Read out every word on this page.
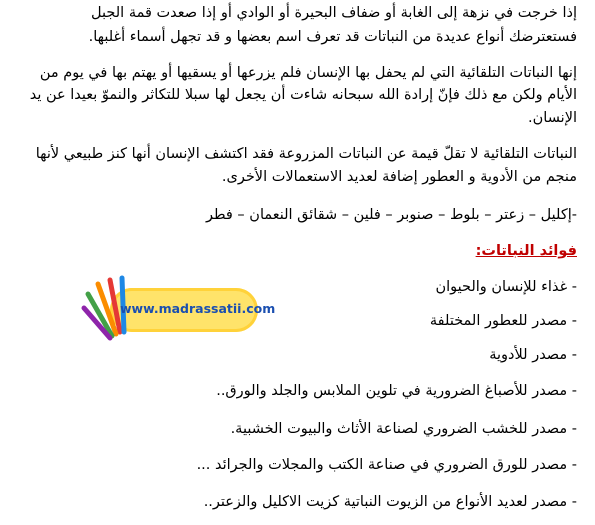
إذا خرجت في نزهة إلى الغابة أو ضفاف البحيرة أو الوادي أو إذا صعدت قمة الجبل
فستعترضك أنواع عديدة من النباتات قد تعرف اسم بعضها و قد تجهل أسماء أغلبها.
إنها النباتات التلقائية التي لم يحفل بها الإنسان فلم يزرعها أو يسقيها أو يهتم بها في يوم من
الأيام ولكن مع ذلك فإنّ إرادة الله سبحانه شاءت أن يجعل لها سبلا للتكاثر والنموّ بعيدا عن يد
الإنسان.
النباتات التلقائية لا تقلّ قيمة عن النباتات المزروعة فقد اكتشف الإنسان أنها كنز طبيعي لأنها
منجم من الأدوية و العطور إضافة لعديد الاستعمالات الأخرى.
-إكليل – زعتر – بلوط – صنوبر – فلين – شقائق النعمان – فطر
فوائد النباتات:
- غذاء للإنسان والحيوان
- مصدر للعطور المختلفة
- مصدر للأدوية
- مصدر للأصباغ الضرورية في تلوين الملابس والجلد والورق..
- مصدر للخشب الضروري لصناعة الأثاث والبيوت الخشبية.
- مصدر للورق الضروري في صناعة الكتب والمجلات والجرائد ...
- مصدر لعديد الأنواع من الزيوت النباتية كزيت الاكليل والزعتر..
www.madrassatii.com
